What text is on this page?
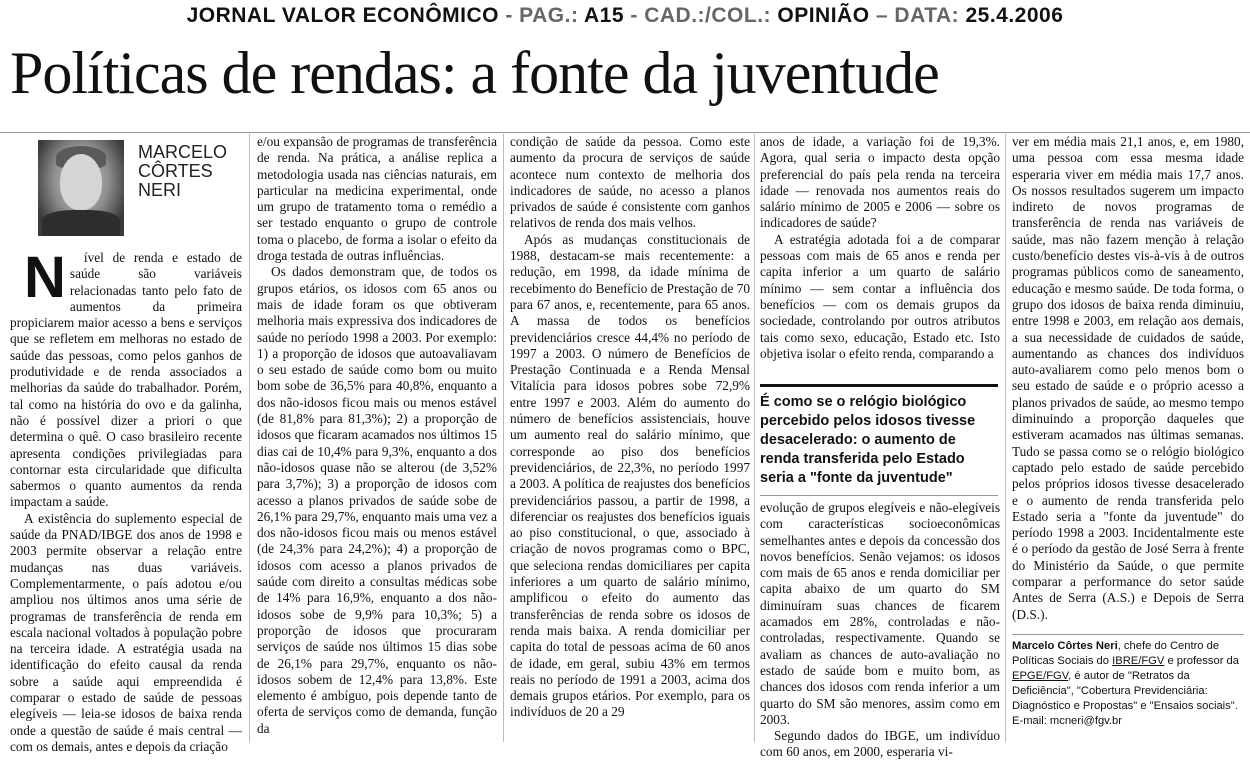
JORNAL VALOR ECONÔMICO - PAG.: A15 - CAD.:/COL.: OPINIÃO – DATA: 25.4.2006
Políticas de rendas: a fonte da juventude
MARCELO CÔRTES NERI

N ível de renda e estado de saúde são variáveis relacionadas tanto pelo fato de aumentos da primeira propiciarem maior acesso a bens e serviços que se refletem em melhoras no estado de saúde das pessoas, como pelos ganhos de produtividade e de renda associados a melhorias da saúde do trabalhador. Porém, tal como na história do ovo e da galinha, não é possível dizer a priori o que determina o quê. O caso brasileiro recente apresenta condições privilegiadas para contornar esta circularidade que dificulta sabermos o quanto aumentos da renda impactam a saúde.

A existência do suplemento especial de saúde da PNAD/IBGE dos anos de 1998 e 2003 permite observar a relação entre mudanças nas duas variáveis. Complementarmente, o país adotou e/ou ampliou nos últimos anos uma série de programas de transferência de renda em escala nacional voltados à população pobre na terceira idade. A estratégia usada na identificação do efeito causal da renda sobre a saúde aqui empreendida é comparar o estado de saúde de pessoas elegíveis — leia-se idosos de baixa renda onde a questão de saúde é mais central — com os demais, antes e depois da criação

e/ou expansão de programas de transferência de renda. Na prática, a análise replica a metodologia usada nas ciências naturais, em particular na medicina experimental, onde um grupo de tratamento toma o remédio a ser testado enquanto o grupo de controle toma o placebo, de forma a isolar o efeito da droga testada de outras influências.

Os dados demonstram que, de todos os grupos etários, os idosos com 65 anos ou mais de idade foram os que obtiveram melhoria mais expressiva dos indicadores de saúde no período 1998 a 2003. Por exemplo: 1) a proporção de idosos que autoavaliavam o seu estado de saúde como bom ou muito bom sobe de 36,5% para 40,8%, enquanto a dos não-idosos ficou mais ou menos estável (de 81,8% para 81,3%); 2) a proporção de idosos que ficaram acamados nos últimos 15 dias cai de 10,4% para 9,3%, enquanto a dos não-idosos quase não se alterou (de 3,52% para 3,7%); 3) a proporção de idosos com acesso a planos privados de saúde sobe de 26,1% para 29,7%, enquanto mais uma vez a dos não-idosos ficou mais ou menos estável (de 24,3% para 24,2%); 4) a proporção de idosos com acesso a planos privados de saúde com direito a consultas médicas sobe de 14% para 16,9%, enquanto a dos não-idosos sobe de 9,9% para 10,3%; 5) a proporção de idosos que procuraram serviços de saúde nos últimos 15 dias sobe de 26,1% para 29,7%, enquanto os não-idosos sobem de 12,4% para 13,8%. Este elemento é ambíguo, pois depende tanto de oferta de serviços como de demanda, função da

condição de saúde da pessoa. Como este aumento da procura de serviços de saúde acontece num contexto de melhoria dos indicadores de saúde, no acesso a planos privados de saúde é consistente com ganhos relativos de renda dos mais velhos.

Após as mudanças constitucionais de 1988, destacam-se mais recentemente: a redução, em 1998, da idade mínima de recebimento do Benefício de Prestação de 70 para 67 anos, e, recentemente, para 65 anos. A massa de todos os benefícios previdenciários cresce 44,4% no período de 1997 a 2003. O número de Benefícios de Prestação Continuada e a Renda Mensal Vitalícia para idosos pobres sobe 72,9% entre 1997 e 2003. Além do aumento do número de benefícios assistenciais, houve um aumento real do salário mínimo, que corresponde ao piso dos benefícios previdenciários, de 22,3%, no período 1997 a 2003. A política de reajustes dos benefícios previdenciários passou, a partir de 1998, a diferenciar os reajustes dos benefícios iguais ao piso constitucional, o que, associado à criação de novos programas como o BPC, que seleciona rendas domiciliares per capita inferiores a um quarto de salário mínimo, amplificou o efeito do aumento das transferências de renda sobre os idosos de renda mais baixa. A renda domiciliar per capita do total de pessoas acima de 60 anos de idade, em geral, subiu 43% em termos reais no período de 1991 a 2003, acima dos demais grupos etários. Por exemplo, para os indivíduos de 20 a 29

anos de idade, a variação foi de 19,3%. Agora, qual seria o impacto desta opção preferencial do país pela renda na terceira idade — renovada nos aumentos reais do salário mínimo de 2005 e 2006 — sobre os indicadores de saúde?

A estratégia adotada foi a de comparar pessoas com mais de 65 anos e renda per capita inferior a um quarto de salário mínimo — sem contar a influência dos benefícios — com os demais grupos da sociedade, controlando por outros atributos tais como sexo, educação, Estado etc. Isto objetiva isolar o efeito renda, comparando a

É como se o relógio biológico percebido pelos idosos tivesse desacelerado: o aumento de renda transferida pelo Estado seria a "fonte da juventude"

evolução de grupos elegíveis e não-elegíveis com características socioeconômicas semelhantes antes e depois da concessão dos novos benefícios. Senão vejamos: os idosos com mais de 65 anos e renda domiciliar per capita abaixo de um quarto do SM diminuíram suas chances de ficarem acamados em 28%, controladas e não-controladas, respectivamente. Quando se avaliam as chances de auto-avaliação no estado de saúde bom e muito bom, as chances dos idosos com renda inferior a um quarto do SM são menores, assim como em 2003.

Segundo dados do IBGE, um indivíduo com 60 anos, em 2000, esperaria vi-

ver em média mais 21,1 anos, e, em 1980, uma pessoa com essa mesma idade esperaria viver em média mais 17,7 anos. Os nossos resultados sugerem um impacto indireto de novos programas de transferência de renda nas variáveis de saúde, mas não fazem menção à relação custo/benefício destes vis-à-vis à de outros programas públicos como de saneamento, educação e mesmo saúde. De toda forma, o grupo dos idosos de baixa renda diminuiu, entre 1998 e 2003, em relação aos demais, a sua necessidade de cuidados de saúde, aumentando as chances dos indivíduos auto-avaliarem como pelo menos bom o seu estado de saúde e o próprio acesso a planos privados de saúde, ao mesmo tempo diminuindo a proporção daqueles que estiveram acamados nas últimas semanas. Tudo se passa como se o relógio biológico captado pelo estado de saúde percebido pelos próprios idosos tivesse desacelerado e o aumento de renda transferida pelo Estado seria a "fonte da juventude" do período 1998 a 2003. Incidentalmente este é o período da gestão de José Serra à frente do Ministério da Saúde, o que permite comparar a performance do setor saúde Antes de Serra (A.S.) e Depois de Serra (D.S.).

Marcelo Côrtes Neri, chefe do Centro de Políticas Sociais do IBRE/FGV e professor da EPGE/FGV, é autor de "Retratos da Deficiência", "Cobertura Previdenciária: Diagnóstico e Propostas" e "Ensaios sociais".
E-mail: mcneri@fgv.br
